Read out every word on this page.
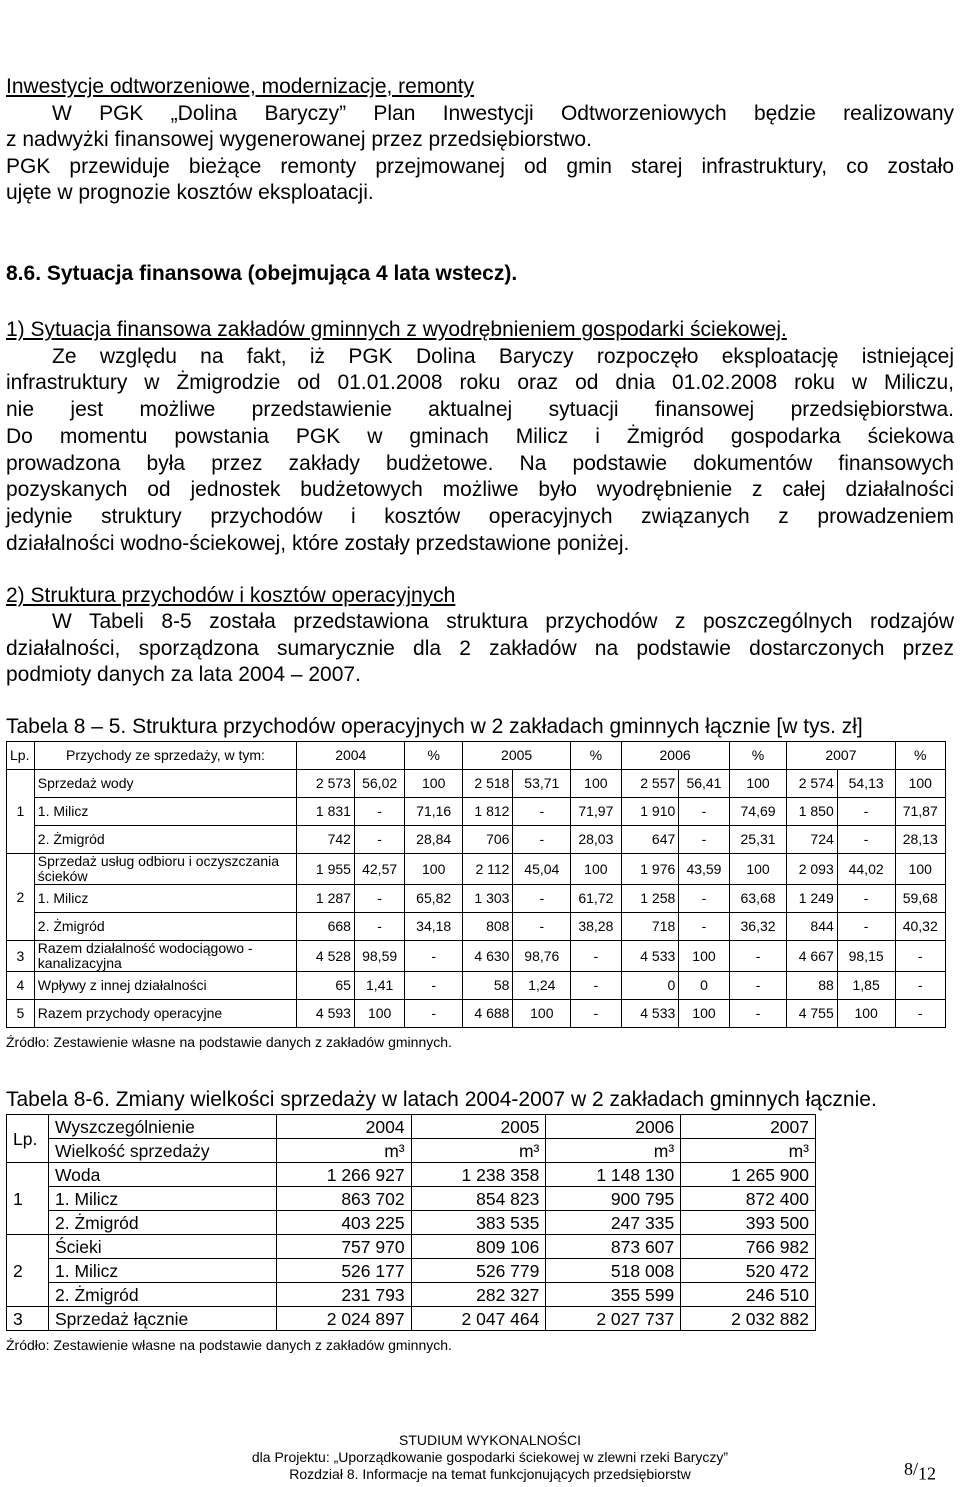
Inwestycje odtworzeniowe, modernizacje, remonty
W PGK „Dolina Baryczy” Plan Inwestycji Odtworzeniowych będzie realizowany
z nadwyżki finansowej wygenerowanej przez przedsiębiorstwo.
PGK przewiduje bieżące remonty przejmowanej od gmin starej infrastruktury, co zostało
ujęte w prognozie kosztów eksploatacji.
8.6. Sytuacja finansowa (obejmująca 4 lata wstecz).
1) Sytuacja finansowa zakładów gminnych z wyodrębnieniem gospodarki ściekowej.
Ze względu na fakt, iż PGK Dolina Baryczy rozpoczęło eksploatację istniejącej
infrastruktury w Żmigrodzie od 01.01.2008 roku oraz od dnia 01.02.2008 roku w Miliczu,
nie jest możliwe przedstawienie aktualnej sytuacji finansowej przedsiębiorstwa.
Do momentu powstania PGK w gminach Milicz i Żmigród gospodarka ściekowa
prowadzona była przez zakłady budżetowe. Na podstawie dokumentów finansowych
pozyskanych od jednostek budżetowych możliwe było wyodrębnienie z całej działalności
jedynie struktury przychodów i kosztów operacyjnych związanych z prowadzeniem
działalności wodno-ściekowej, które zostały przedstawione poniżej.
2) Struktura przychodów i kosztów operacyjnych
W Tabeli 8-5 została przedstawiona struktura przychodów z poszczególnych rodzajów
działalności, sporządzona sumarycznie dla 2 zakładów na podstawie dostarczonych przez
podmioty danych za lata 2004 – 2007.
Tabela 8 – 5. Struktura przychodów operacyjnych w 2 zakładach gminnych łącznie [w tys. zł]
Lp.	Przychody ze sprzedaży, w tym:	2004		%	2005		%	2006		%	2007		%
1	Sprzedaż wody	2 573	56,02	100	2 518	53,71	100	2 557	56,41	100	2 574	54,13	100
	1. Milicz	1 831	-	71,16	1 812	-	71,97	1 910	-	74,69	1 850	-	71,87
	2. Żmigród	742	-	28,84	706	-	28,03	647	-	25,31	724	-	28,13
2	Sprzedaż usług odbioru i oczyszczania ścieków	1 955	42,57	100	2 112	45,04	100	1 976	43,59	100	2 093	44,02	100
	1. Milicz	1 287	-	65,82	1 303	-	61,72	1 258	-	63,68	1 249	-	59,68
	2. Żmigród	668	-	34,18	808	-	38,28	718	-	36,32	844	-	40,32
3	Razem działalność wodociągowo - kanalizacyjna	4 528	98,59	-	4 630	98,76	-	4 533	100	-	4 667	98,15	-
4	Wpływy z innej działalności	65	1,41	-	58	1,24	-	0	0	-	88	1,85	-
5	Razem przychody operacyjne	4 593	100	-	4 688	100	-	4 533	100	-	4 755	100	-
Źródło: Zestawienie własne na podstawie danych z zakładów gminnych.
Tabela 8-6. Zmiany wielkości sprzedaży w latach 2004-2007 w 2 zakładach gminnych łącznie.
Lp.	Wyszczególnienie	2004	2005	2006	2007
	Wielkość sprzedaży	m³	m³	m³	m³
1	Woda	1 266 927	1 238 358	1 148 130	1 265 900
	1. Milicz	863 702	854 823	900 795	872 400
	2. Żmigród	403 225	383 535	247 335	393 500
2	Ścieki	757 970	809 106	873 607	766 982
	1. Milicz	526 177	526 779	518 008	520 472
	2. Żmigród	231 793	282 327	355 599	246 510
3	Sprzedaż łącznie	2 024 897	2 047 464	2 027 737	2 032 882
Źródło: Zestawienie własne na podstawie danych z zakładów gminnych.
STUDIUM WYKONALNOŚCI
dla Projektu: „Uporządkowanie gospodarki ściekowej w zlewni rzeki Baryczy”
Rozdział 8. Informacje na temat funkcjonujących przedsiębiorstw	$8/_{12}$
